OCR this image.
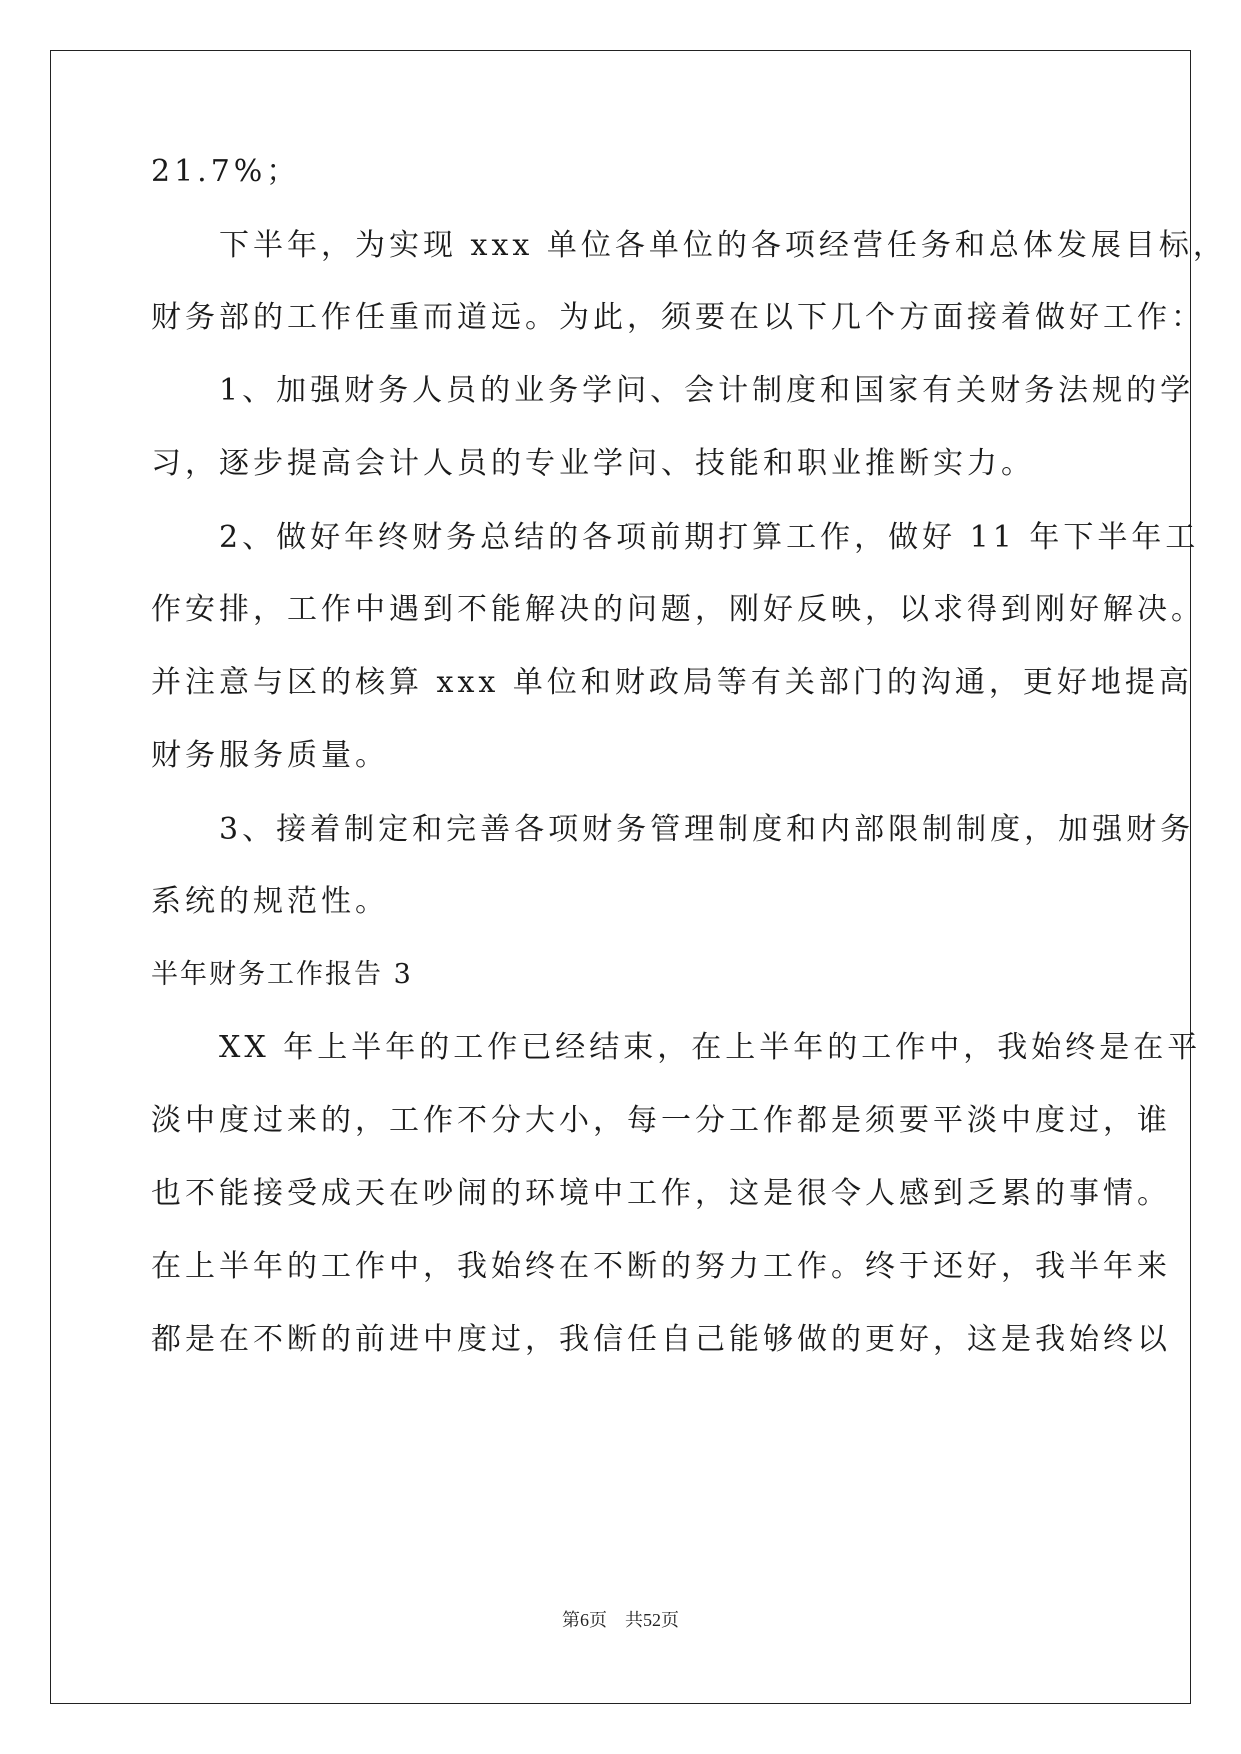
21.7%；
　　下半年，为实现 xxx 单位各单位的各项经营任务和总体发展目标，
财务部的工作任重而道远。为此，须要在以下几个方面接着做好工作：
　　1、加强财务人员的业务学问、会计制度和国家有关财务法规的学
习，逐步提高会计人员的专业学问、技能和职业推断实力。
　　2、做好年终财务总结的各项前期打算工作，做好 11 年下半年工
作安排，工作中遇到不能解决的问题，刚好反映，以求得到刚好解决。
并注意与区的核算 xxx 单位和财政局等有关部门的沟通，更好地提高
财务服务质量。
　　3、接着制定和完善各项财务管理制度和内部限制制度，加强财务
系统的规范性。
半年财务工作报告 3
　　XX 年上半年的工作已经结束，在上半年的工作中，我始终是在平
淡中度过来的，工作不分大小，每一分工作都是须要平淡中度过，谁
也不能接受成天在吵闹的环境中工作，这是很令人感到乏累的事情。
在上半年的工作中，我始终在不断的努力工作。终于还好，我半年来
都是在不断的前进中度过，我信任自己能够做的更好，这是我始终以
第6页　共52页
